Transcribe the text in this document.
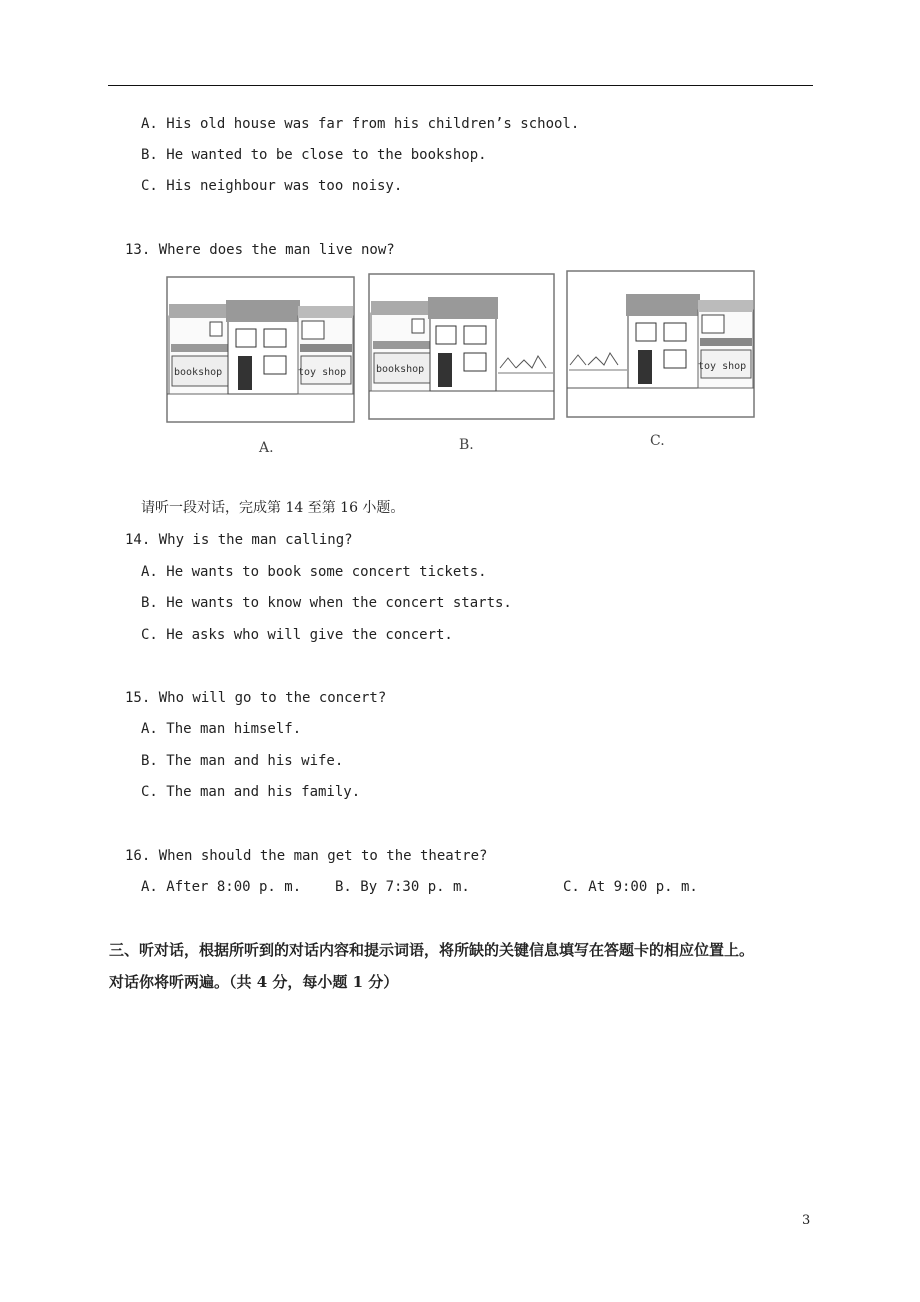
A. His old house was far from his children’s school.
B. He wanted to be close to the bookshop.
C. His neighbour was too noisy.
13. Where does the man live now?
bookshop	toy shop
A.
bookshop
B.
toy shop
C.
请听一段对话，完成第 14 至第 16 小题。
14. Why is the man calling?
A. He wants to book some concert tickets.
B. He wants to know when the concert starts.
C. He asks who will give the concert.
15. Who will go to the concert?
A. The man himself.
B. The man and his wife.
C. The man and his family.
16. When should the man get to the theatre?
A. After 8:00 p. m. B. By 7:30 p. m.	C. At 9:00 p. m.
三、听对话，根据所听到的对话内容和提示词语，将所缺的关键信息填写在答题卡的相应位置上。
对话你将听两遍。（共 4 分，每小题 1 分）
3
